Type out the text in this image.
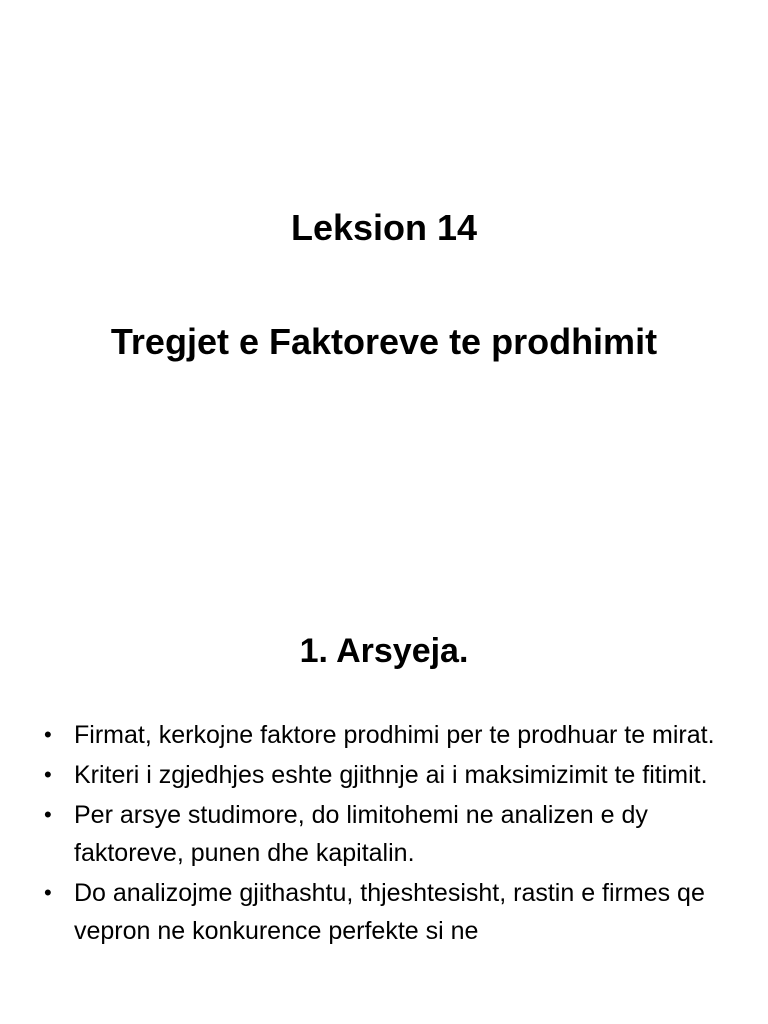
Leksion 14
Tregjet e Faktoreve te prodhimit
1. Arsyeja.
• Firmat, kerkojne faktore prodhimi per te prodhuar te mirat.
• Kriteri i zgjedhjes eshte gjithnje ai i maksimizimit te fitimit.
• Per arsye studimore, do limitohemi ne analizen e dy faktoreve, punen dhe kapitalin.
• Do analizojme gjithashtu, thjeshtesisht, rastin e firmes qe vepron ne konkurence perfekte si ne
